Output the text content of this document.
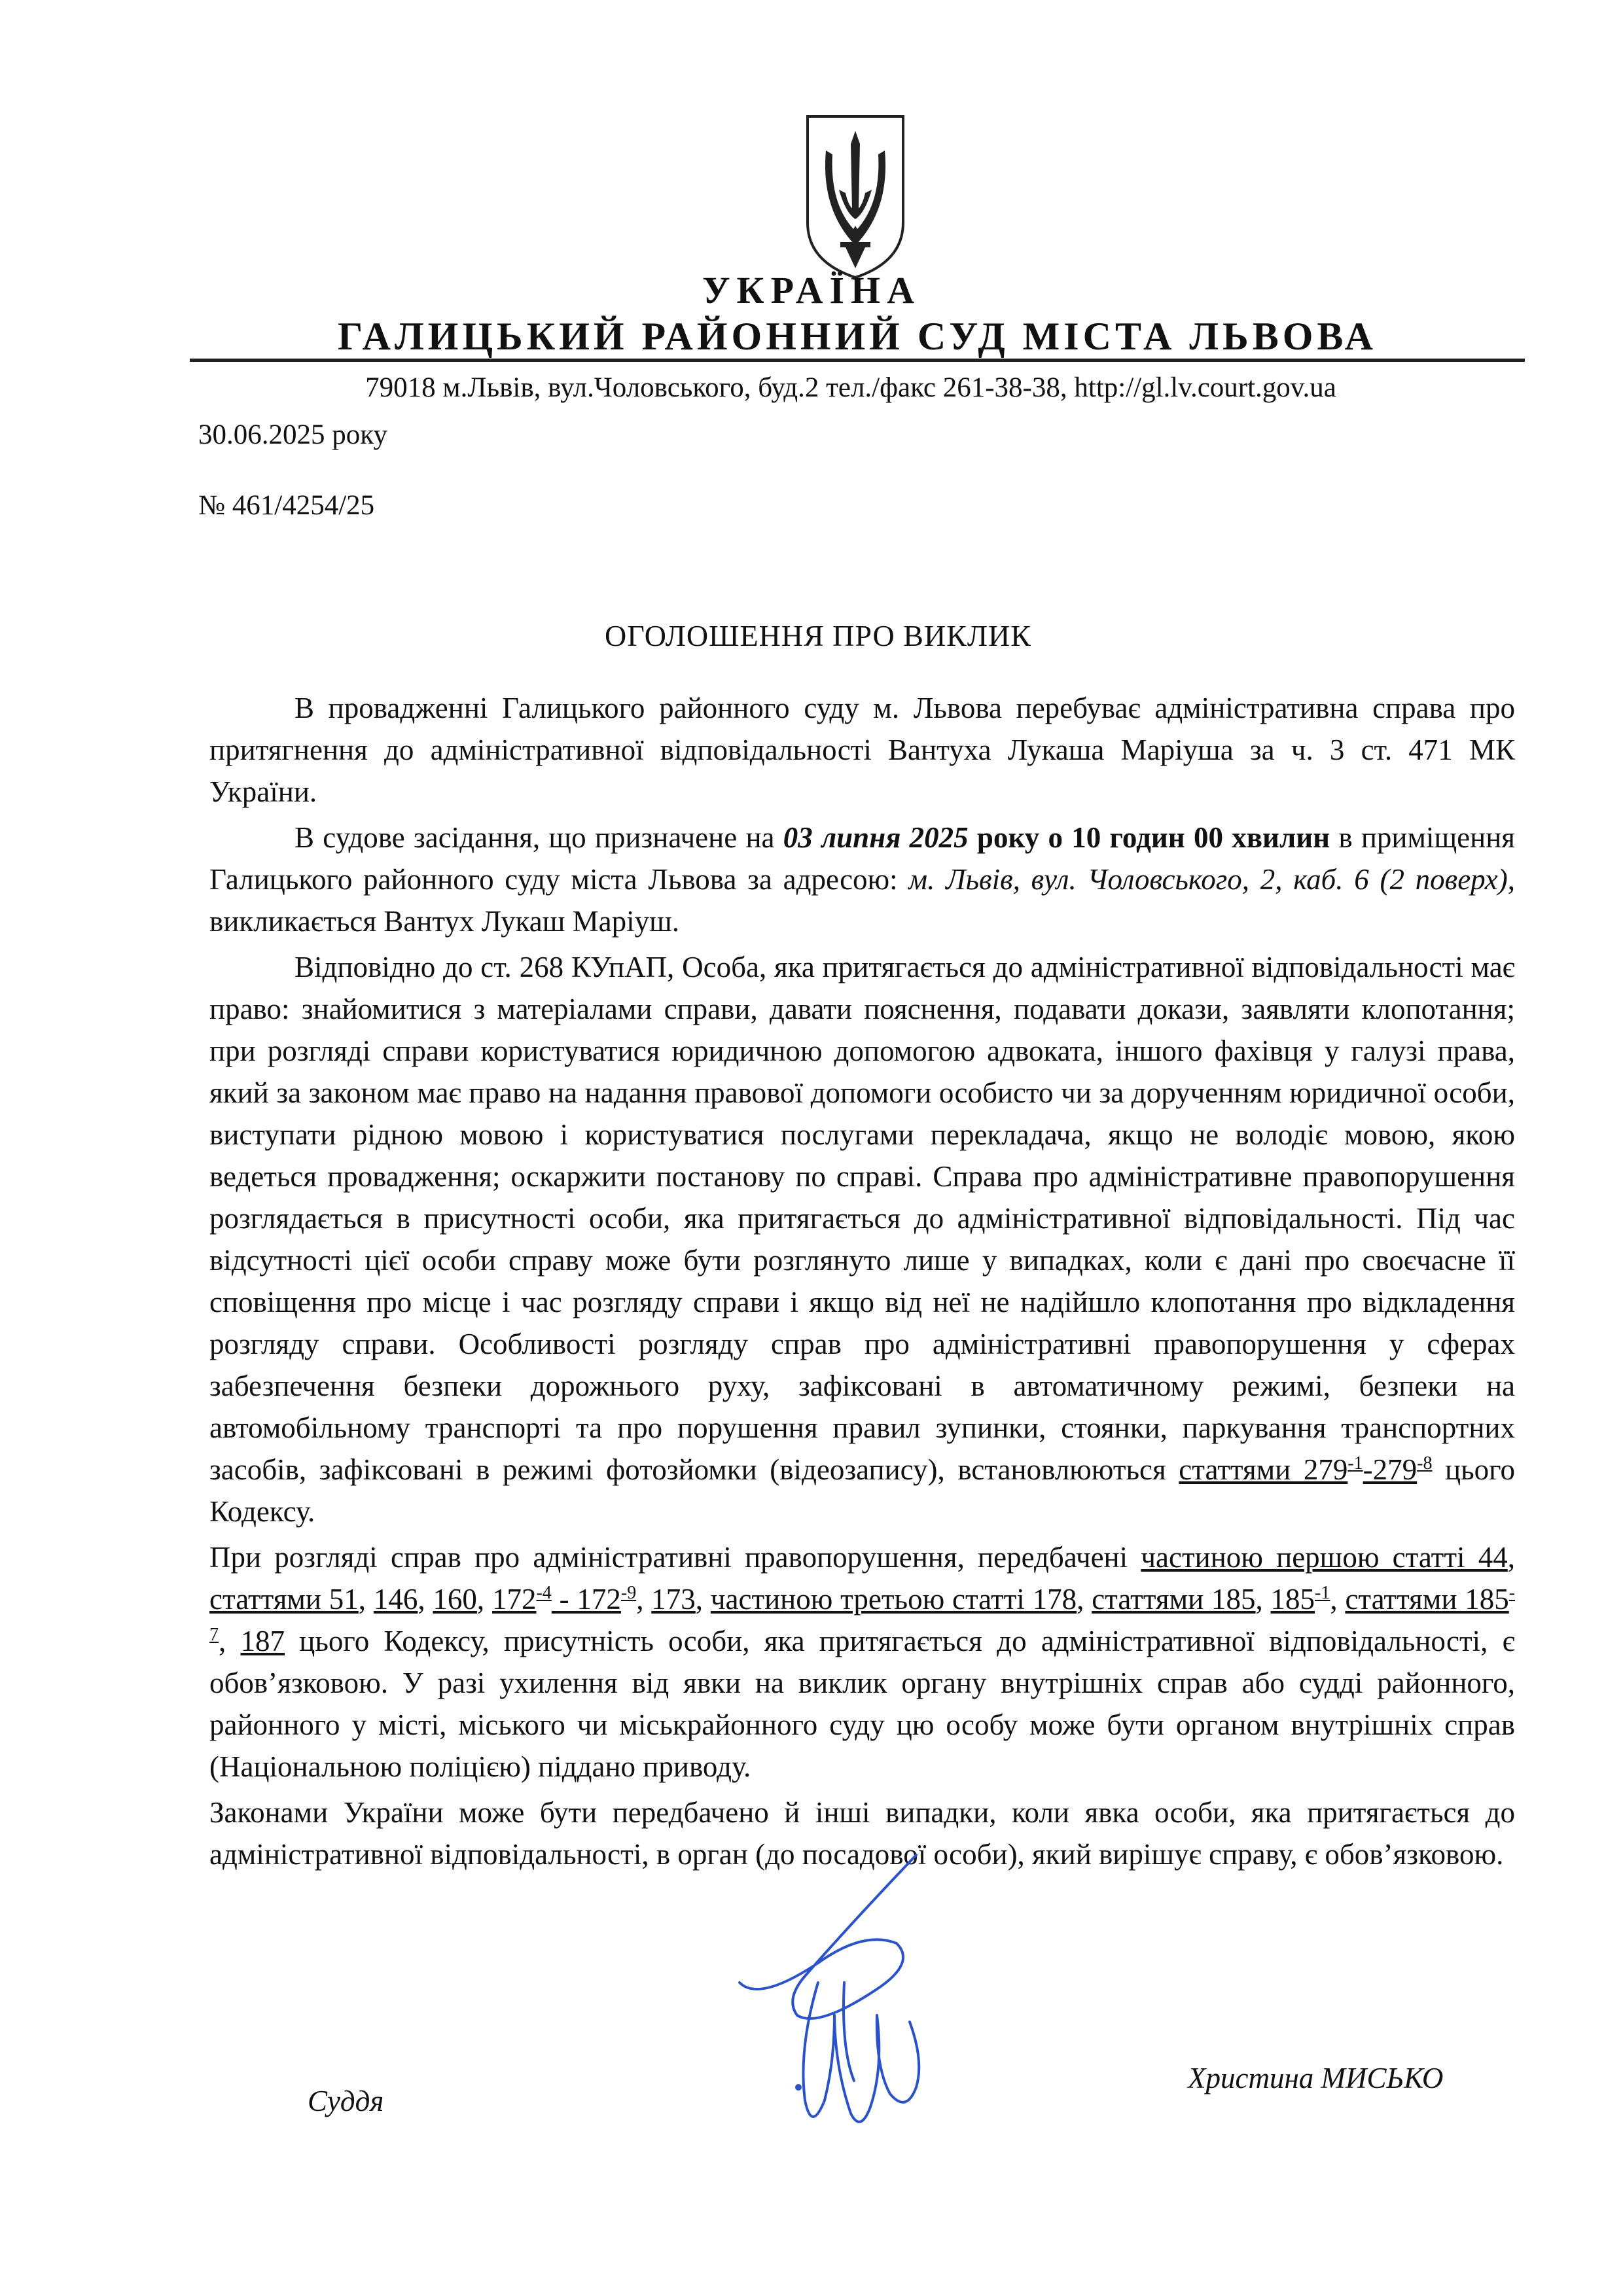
УКРАЇНА
ГАЛИЦЬКИЙ РАЙОННИЙ СУД МІСТА ЛЬВОВА
79018 м.Львів, вул.Чоловського, буд.2 тел./факс 261-38-38, http://gl.lv.court.gov.ua
30.06.2025 року
№ 461/4254/25
ОГОЛОШЕННЯ ПРО ВИКЛИК

В провадженні Галицького районного суду м. Львова перебуває адміністративна справа про притягнення до адміністративної відповідальності Вантуха Лукаша Маріуша за ч. 3 ст. 471 МК України.

В судове засідання, що призначене на 03 липня 2025 року о 10 годин 00 хвилин в приміщення Галицького районного суду міста Львова за адресою: м. Львів, вул. Чоловського, 2, каб. 6 (2 поверх), викликається Вантух Лукаш Маріуш.

Відповідно до ст. 268 КУпАП, Особа, яка притягається до адміністративної відповідальності має право: знайомитися з матеріалами справи, давати пояснення, подавати докази, заявляти клопотання; при розгляді справи користуватися юридичною допомогою адвоката, іншого фахівця у галузі права, який за законом має право на надання правової допомоги особисто чи за дорученням юридичної особи, виступати рідною мовою і користуватися послугами перекладача, якщо не володіє мовою, якою ведеться провадження; оскаржити постанову по справі. Справа про адміністративне правопорушення розглядається в присутності особи, яка притягається до адміністративної відповідальності. Під час відсутності цієї особи справу може бути розглянуто лише у випадках, коли є дані про своєчасне її сповіщення про місце і час розгляду справи і якщо від неї не надійшло клопотання про відкладення розгляду справи. Особливості розгляду справ про адміністративні правопорушення у сферах забезпечення безпеки дорожнього руху, зафіксовані в автоматичному режимі, безпеки на автомобільному транспорті та про порушення правил зупинки, стоянки, паркування транспортних засобів, зафіксовані в режимі фотозйомки (відеозапису), встановлюються статтями $279^{-1}-279^{-8}$ цього Кодексу.

При розгляді справ про адміністративні правопорушення, передбачені частиною першою статті 44, статтями 51, 146, 160, $172^{-4} - 172^{-9}$, 173, частиною третьою статті 178, статтями 185, $185^{-1}$, статтями $185^{-7}$, 187 цього Кодексу, присутність особи, яка притягається до адміністративної відповідальності, є обов’язковою. У разі ухилення від явки на виклик органу внутрішніх справ або судді районного, районного у місті, міського чи міськрайонного суду цю особу може бути органом внутрішніх справ (Національною поліцією) піддано приводу.

Законами України може бути передбачено й інші випадки, коли явка особи, яка притягається до адміністративної відповідальності, в орган (до посадової особи), який вирішує справу, є обов’язковою.

Суддя
Христина МИСЬКО
